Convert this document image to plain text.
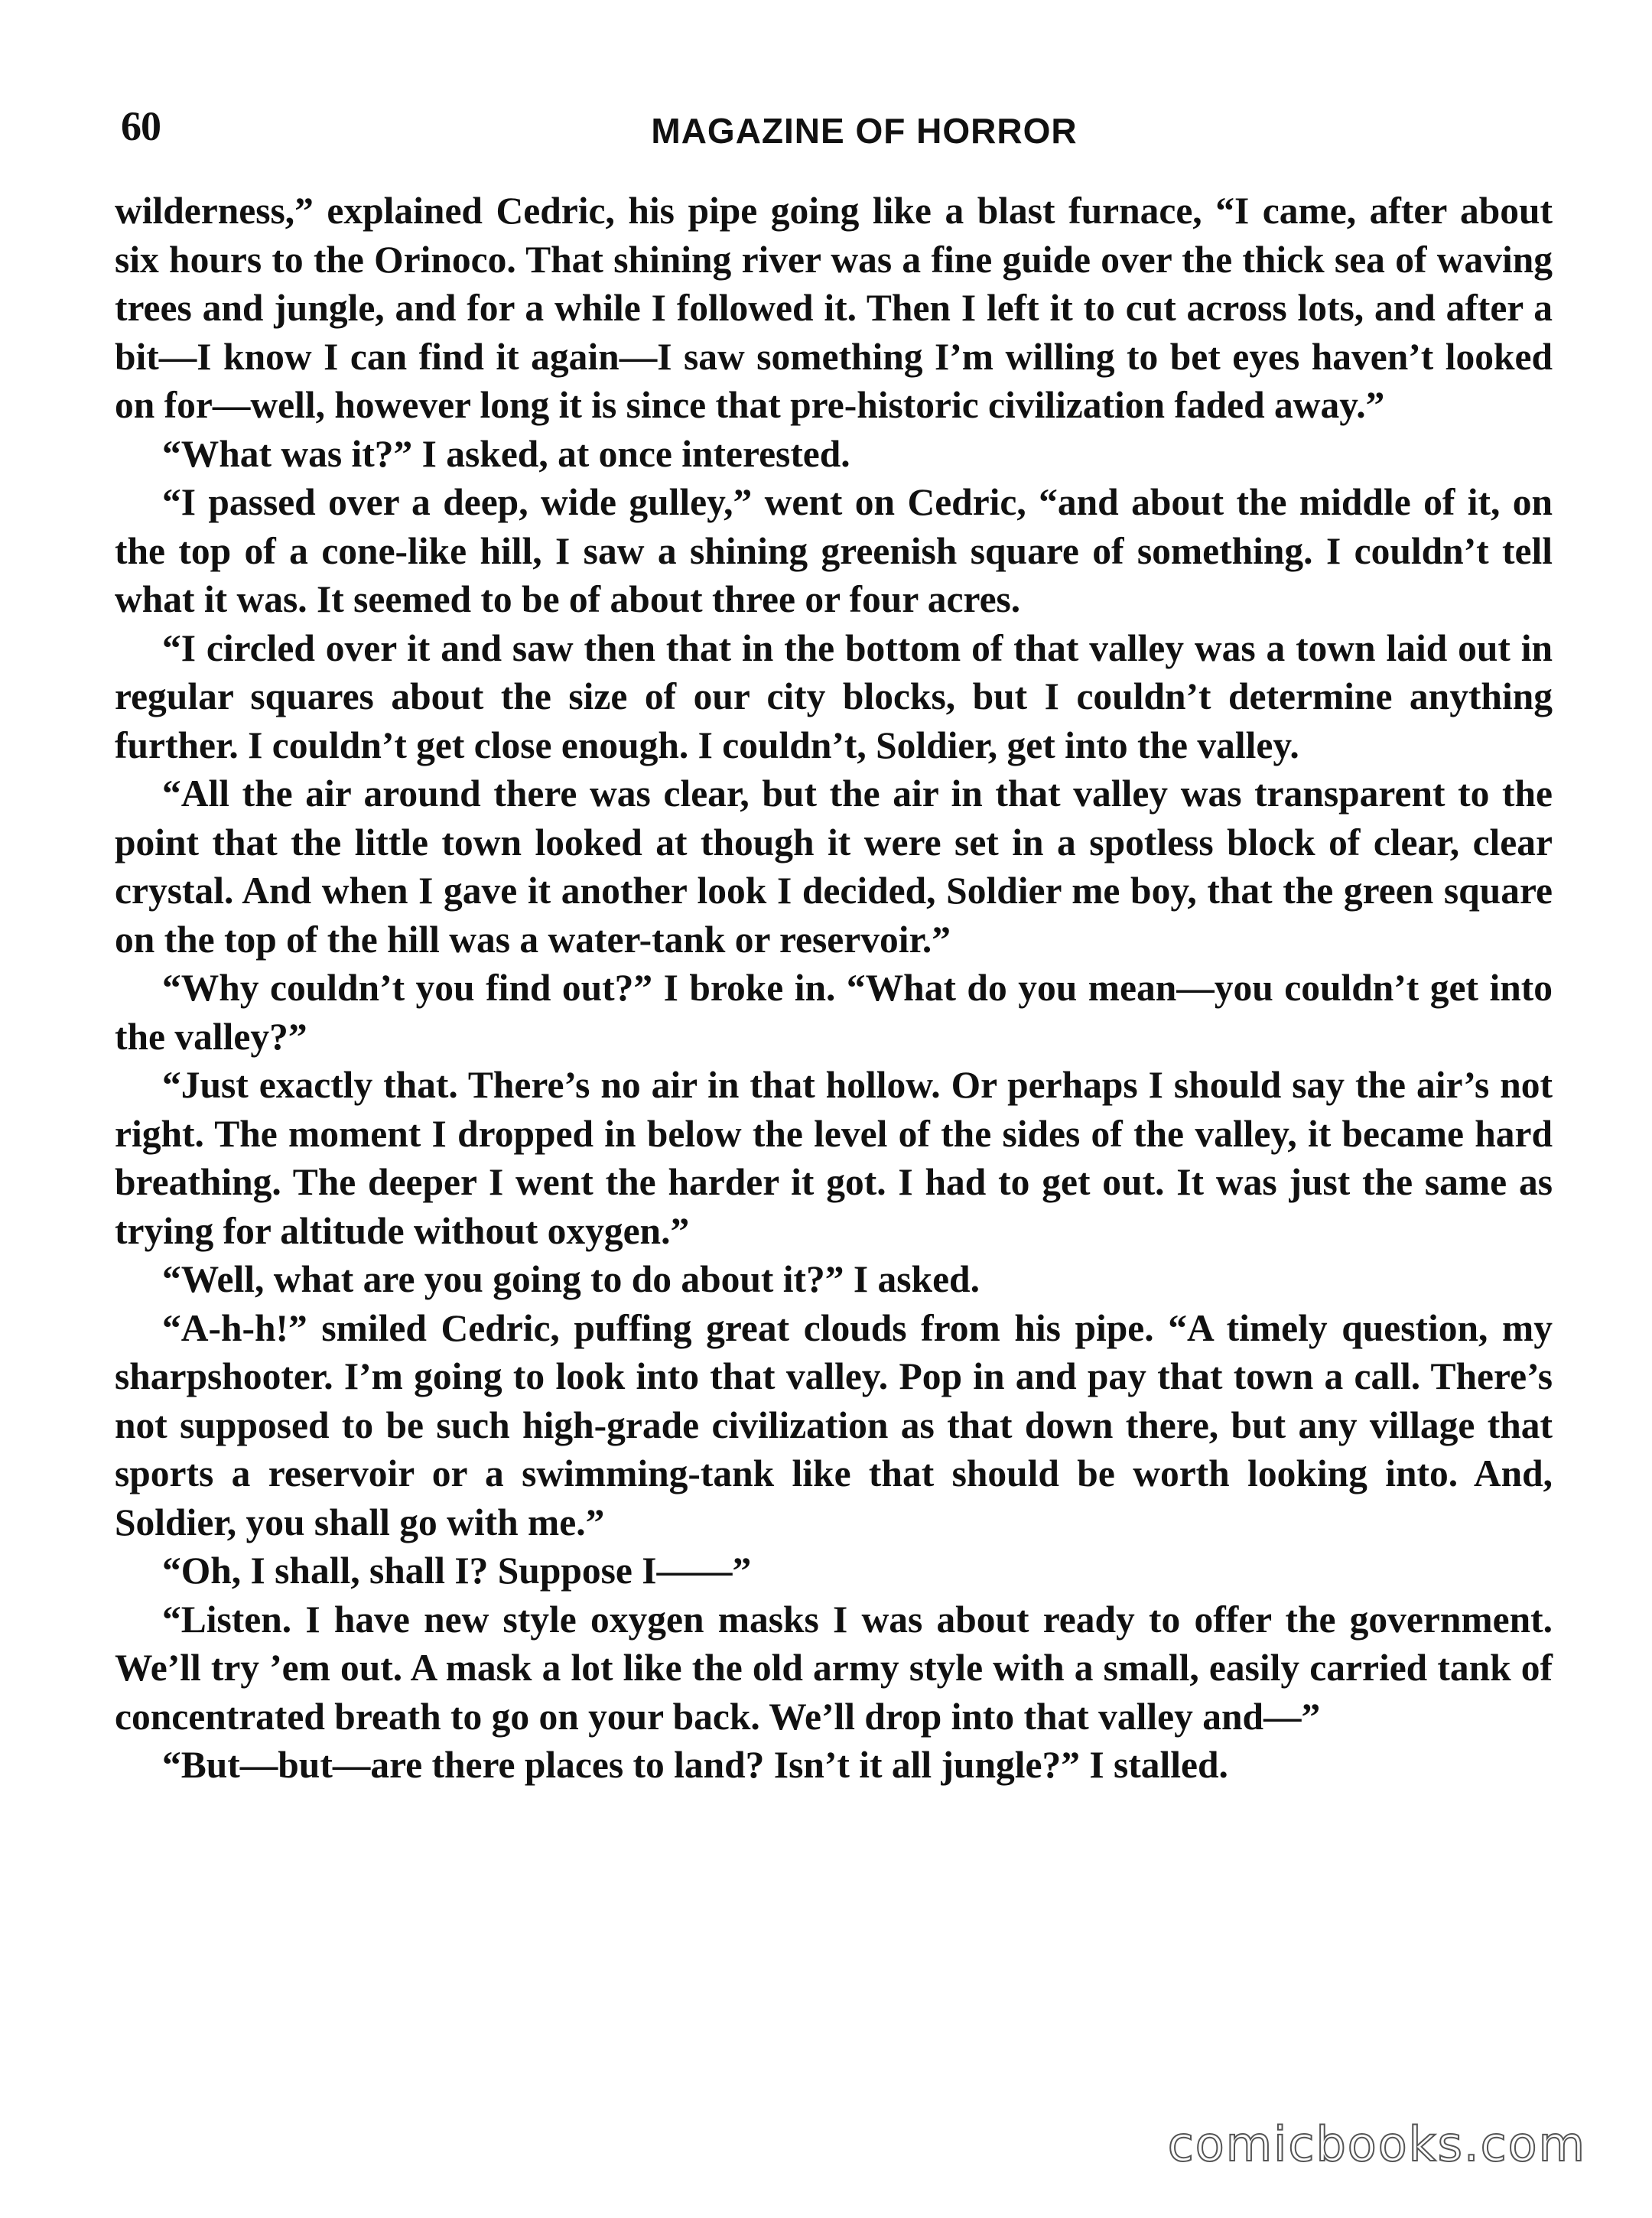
60	MAGAZINE OF HORROR

wilderness,” explained Cedric, his pipe going like a blast furnace, “I came, after about six hours to the Orinoco. That shining river was a fine guide over the thick sea of waving trees and jungle, and for a while I followed it. Then I left it to cut across lots, and after a bit—I know I can find it again—I saw something I’m willing to bet eyes haven’t looked on for—well, however long it is since that pre-historic civilization faded away.”

“What was it?” I asked, at once interested.

“I passed over a deep, wide gulley,” went on Cedric, “and about the middle of it, on the top of a cone-like hill, I saw a shining greenish square of something. I couldn’t tell what it was. It seemed to be of about three or four acres.

“I circled over it and saw then that in the bottom of that valley was a town laid out in regular squares about the size of our city blocks, but I couldn’t determine anything further. I couldn’t get close enough. I couldn’t, Soldier, get into the valley.

“All the air around there was clear, but the air in that valley was transparent to the point that the little town looked at though it were set in a spotless block of clear, clear crystal. And when I gave it another look I decided, Soldier me boy, that the green square on the top of the hill was a water-tank or reservoir.”

“Why couldn’t you find out?” I broke in. “What do you mean—you couldn’t get into the valley?”

“Just exactly that. There’s no air in that hollow. Or perhaps I should say the air’s not right. The moment I dropped in below the level of the sides of the valley, it became hard breathing. The deeper I went the harder it got. I had to get out. It was just the same as trying for altitude without oxygen.”

“Well, what are you going to do about it?” I asked.

“A-h-h!” smiled Cedric, puffing great clouds from his pipe. “A timely question, my sharpshooter. I’m going to look into that valley. Pop in and pay that town a call. There’s not supposed to be such high-grade civilization as that down there, but any village that sports a reservoir or a swimming-tank like that should be worth looking into. And, Soldier, you shall go with me.”

“Oh, I shall, shall I? Suppose I——”

“Listen. I have new style oxygen masks I was about ready to offer the government. We’ll try ’em out. A mask a lot like the old army style with a small, easily carried tank of concentrated breath to go on your back. We’ll drop into that valley and—”

“But—but—are there places to land? Isn’t it all jungle?” I stalled.

comicbooks.com
